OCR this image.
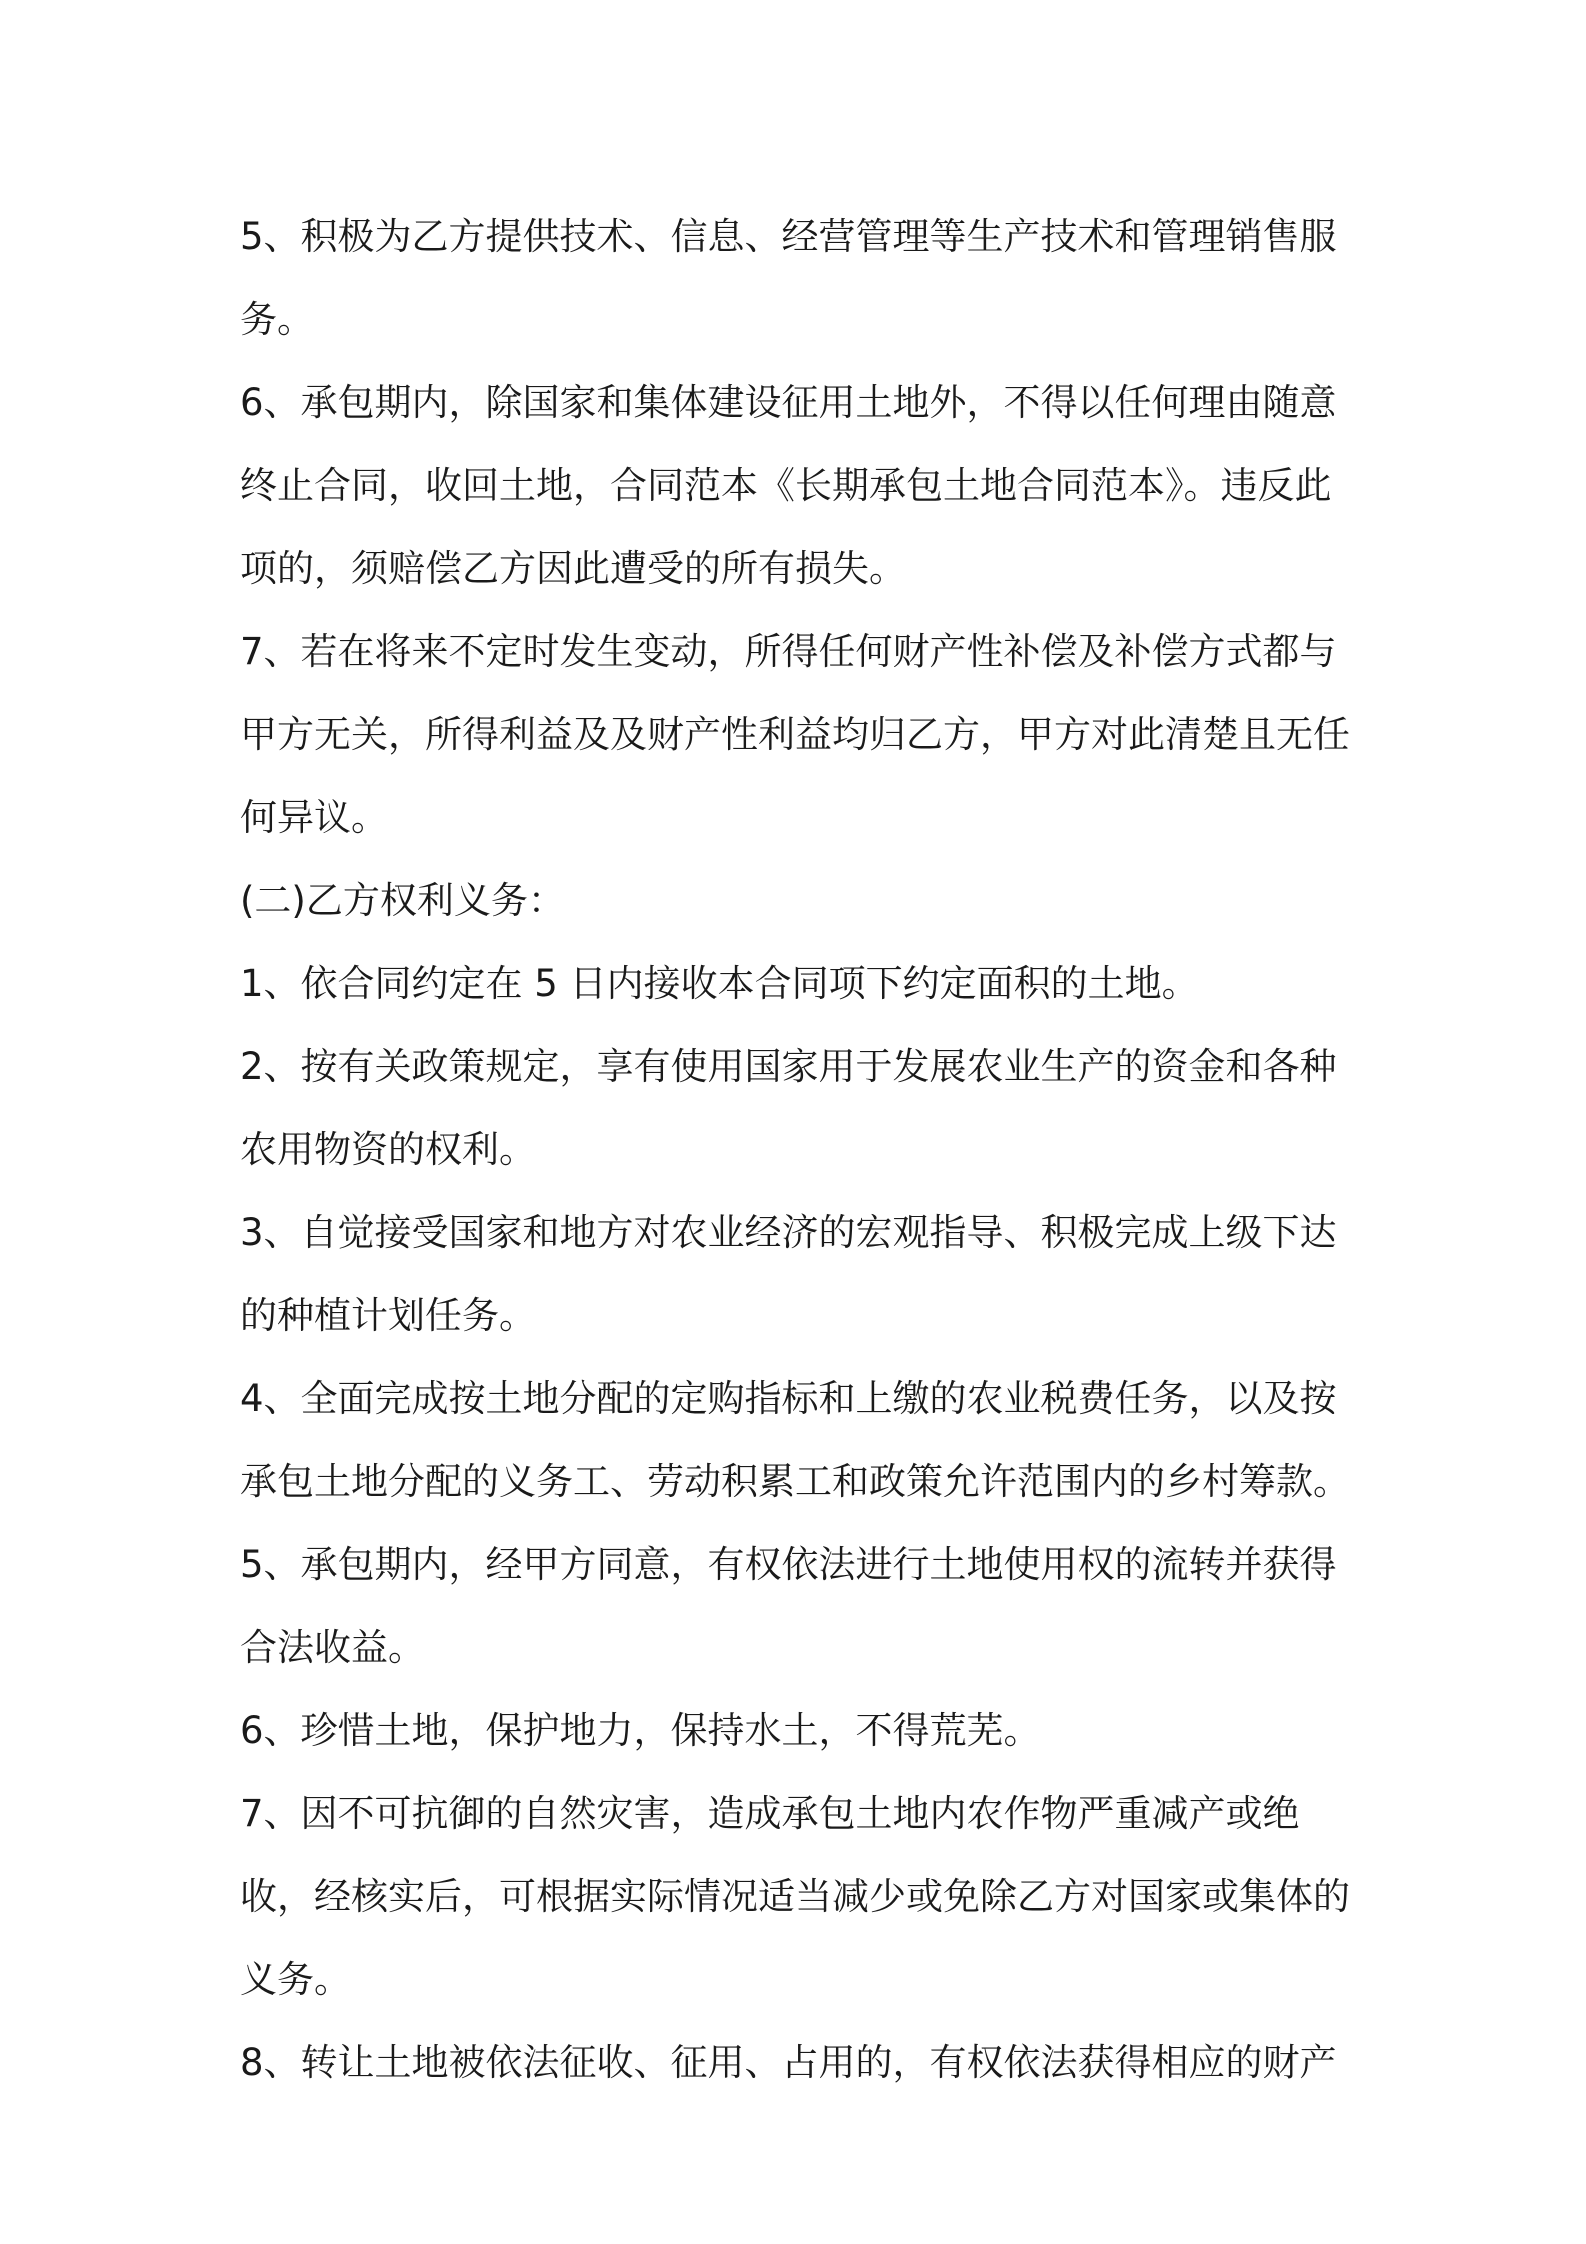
5、积极为乙方提供技术、信息、经营管理等生产技术和管理销售服务。

6、承包期内，除国家和集体建设征用土地外，不得以任何理由随意终止合同，收回土地，合同范本《长期承包土地合同范本》。违反此项的，须赔偿乙方因此遭受的所有损失。

7、若在将来不定时发生变动，所得任何财产性补偿及补偿方式都与甲方无关，所得利益及及财产性利益均归乙方，甲方对此清楚且无任何异议。

(二)乙方权利义务：

1、依合同约定在 5 日内接收本合同项下约定面积的土地。

2、按有关政策规定，享有使用国家用于发展农业生产的资金和各种农用物资的权利。

3、自觉接受国家和地方对农业经济的宏观指导、积极完成上级下达的种植计划任务。

4、全面完成按土地分配的定购指标和上缴的农业税费任务，以及按承包土地分配的义务工、劳动积累工和政策允许范围内的乡村筹款。

5、承包期内，经甲方同意，有权依法进行土地使用权的流转并获得合法收益。

6、珍惜土地，保护地力，保持水土，不得荒芜。

7、因不可抗御的自然灾害，造成承包土地内农作物严重减产或绝收，经核实后，可根据实际情况适当减少或免除乙方对国家或集体的义务。

8、转让土地被依法征收、征用、占用的，有权依法获得相应的财产
